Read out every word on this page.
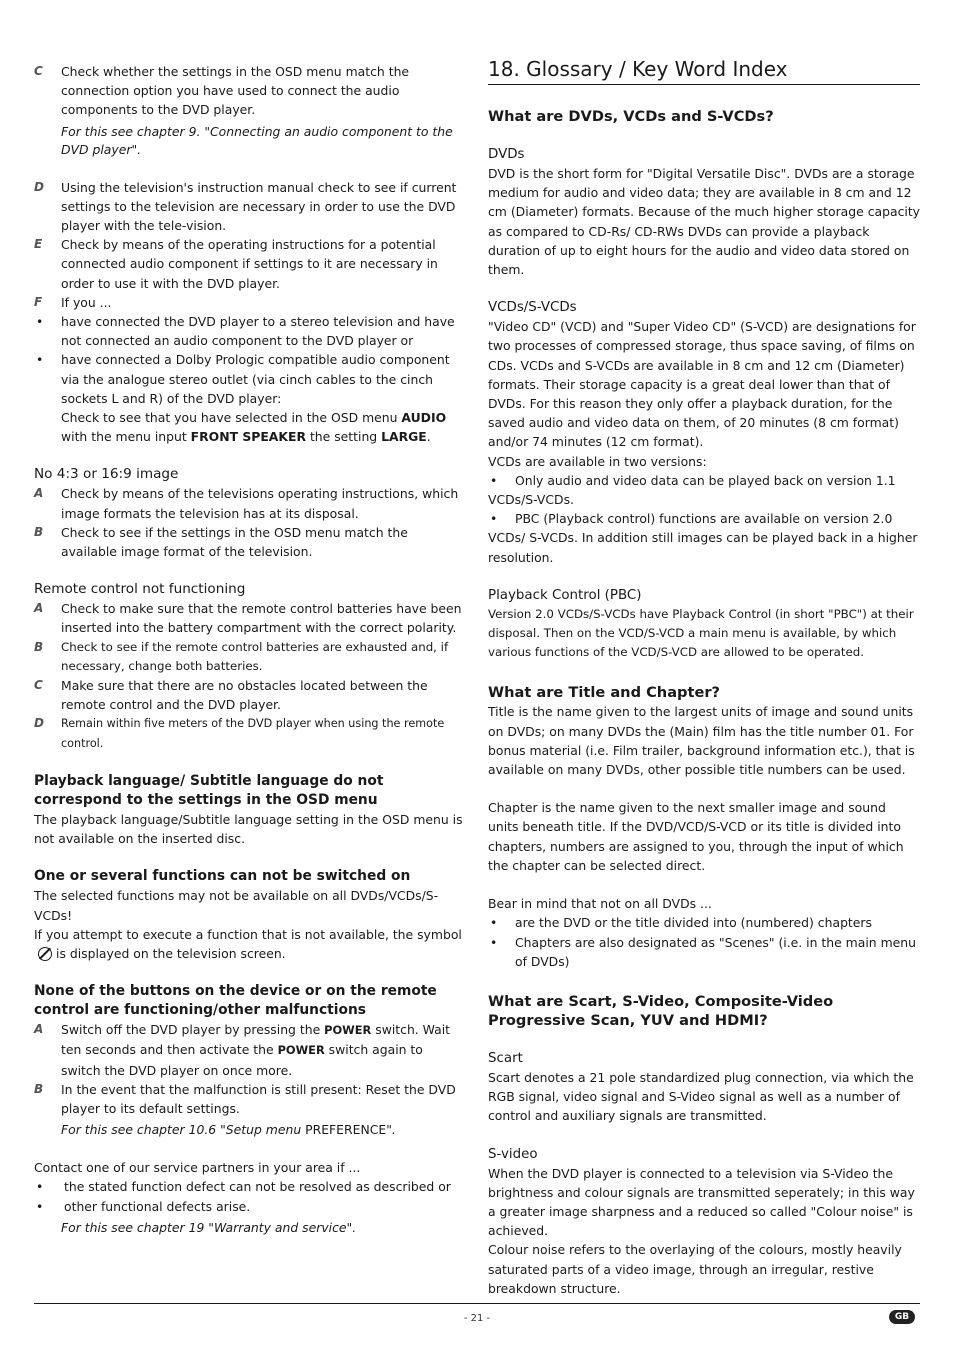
C Check whether the settings in the OSD menu match the connection option you have used to connect the audio components to the DVD player.

For this see chapter 9. "Connecting an audio component to the DVD player".

D Using the television's instruction manual check to see if current settings to the television are necessary in order to use the DVD player with the tele-vision.

E Check by means of the operating instructions for a potential connected audio component if settings to it are necessary in order to use it with the DVD player.

F If you ...

• have connected the DVD player to a stereo television and have not connected an audio component to the DVD player or

• have connected a Dolby Prologic compatible audio component via the analogue stereo outlet (via cinch cables to the cinch sockets L and R) of the DVD player:

Check to see that you have selected in the OSD menu AUDIO with the menu input FRONT SPEAKER the setting LARGE.

No 4:3 or 16:9 image

A Check by means of the televisions operating instructions, which image formats the television has at its disposal.

B Check to see if the settings in the OSD menu match the available image format of the television.

Remote control not functioning

A Check to make sure that the remote control batteries have been inserted into the battery compartment with the correct polarity.

B Check to see if the remote control batteries are exhausted and, if necessary, change both batteries.

C Make sure that there are no obstacles located between the remote control and the DVD player.

D Remain within five meters of the DVD player when using the remote control.

Playback language/ Subtitle language do not correspond to the settings in the OSD menu

The playback language/Subtitle language setting in the OSD menu is not available on the inserted disc.

One or several functions can not be switched on

The selected functions may not be available on all DVDs/VCDs/S-VCDs!

If you attempt to execute a function that is not available, the symbolis displayed on the television screen.

None of the buttons on the device or on the remote control are functioning/other malfunctions

A Switch off the DVD player by pressing the POWER switch. Wait ten seconds and then activate the POWER switch again to switch the DVD player on once more.

B In the event that the malfunction is still present: Reset the DVD player to its default settings.

For this see chapter 10.6 "Setup menu PREFERENCE".

Contact one of our service partners in your area if ...

• the stated function defect can not be resolved as described or

• other functional defects arise.

For this see chapter 19 "Warranty and service".

18. Glossary / Key Word Index

What are DVDs, VCDs and S-VCDs?

DVDs

DVD is the short form for "Digital Versatile Disc". DVDs are a storage medium for audio and video data; they are available in 8 cm and 12 cm (Diameter) formats. Because of the much higher storage capacity as compared to CD-Rs/ CD-RWs DVDs can provide a playback duration of up to eight hours for the audio and video data stored on them.

VCDs/S-VCDs

"Video CD" (VCD) and "Super Video CD" (S-VCD) are designations for two processes of compressed storage, thus space saving, of films on CDs. VCDs and S-VCDs are available in 8 cm and 12 cm (Diameter) formats. Their storage capacity is a great deal lower than that of DVDs. For this reason they only offer a playback duration, for the saved audio and video data on them, of 20 minutes (8 cm format) and/or 74 minutes (12 cm format).

VCDs are available in two versions:

• Only audio and video data can be played back on version 1.1 VCDs/S-VCDs.

• PBC (Playback control) functions are available on version 2.0 VCDs/ S-VCDs. In addition still images can be played back in a higher resolution.

Playback Control (PBC)

Version 2.0 VCDs/S-VCDs have Playback Control (in short "PBC") at their disposal. Then on the VCD/S-VCD a main menu is available, by which various functions of the VCD/S-VCD are allowed to be operated.

What are Title and Chapter?

Title is the name given to the largest units of image and sound units on DVDs; on many DVDs the (Main) film has the title number 01. For bonus material (i.e. Film trailer, background information etc.), that is available on many DVDs, other possible title numbers can be used.

Chapter is the name given to the next smaller image and sound units beneath title. If the DVD/VCD/S-VCD or its title is divided into chapters, numbers are assigned to you, through the input of which the chapter can be selected direct.

Bear in mind that not on all DVDs ...

• are the DVD or the title divided into (numbered) chapters

• Chapters are also designated as "Scenes" (i.e. in the main menu of DVDs)

What are Scart, S-Video, Composite-Video Progressive Scan, YUV and HDMI?

Scart

Scart denotes a 21 pole standardized plug connection, via which the RGB signal, video signal and S-Video signal as well as a number of control and auxiliary signals are transmitted.

S-video

When the DVD player is connected to a television via S-Video the brightness and colour signals are transmitted seperately; in this way a greater image sharpness and a reduced so called "Colour noise" is achieved.

Colour noise refers to the overlaying of the colours, mostly heavily saturated parts of a video image, through an irregular, restive breakdown structure.

- 21 -	GB
